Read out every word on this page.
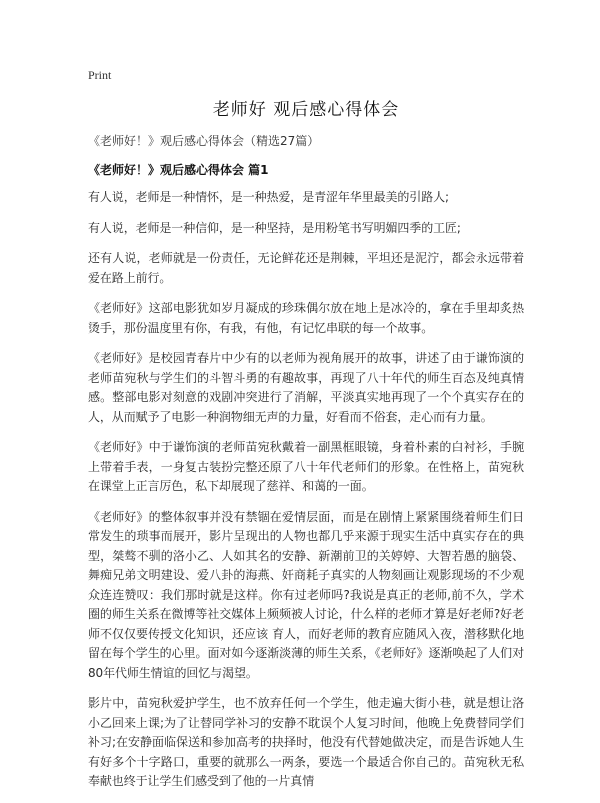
Print
老师好 观后感心得体会
《老师好！》观后感心得体会（精选27篇）
《老师好！》观后感心得体会 篇1

有人说，老师是一种情怀，是一种热爱，是青涩年华里最美的引路人;

有人说，老师是一种信仰，是一种坚持，是用粉笔书写明媚四季的工匠;

还有人说，老师就是一份责任，无论鲜花还是荆棘，平坦还是泥泞，都会永远带着爱在路上前行。

《老师好》这部电影犹如岁月凝成的珍珠偶尔放在地上是冰冷的，拿在手里却炙热烫手，那份温度里有你，有我，有他，有记忆串联的每一个故事。

《老师好》是校园青春片中少有的以老师为视角展开的故事，讲述了由于谦饰演的老师苗宛秋与学生们的斗智斗勇的有趣故事，再现了八十年代的师生百态及纯真情感。整部电影对刻意的戏剧冲突进行了消解，平淡真实地再现了一个个真实存在的人，从而赋予了电影一种润物细无声的力量，好看而不俗套，走心而有力量。

《老师好》中于谦饰演的老师苗宛秋戴着一副黑框眼镜，身着朴素的白衬衫，手腕上带着手表，一身复古装扮完整还原了八十年代老师们的形象。在性格上，苗宛秋在课堂上正言厉色，私下却展现了慈祥、和蔼的一面。

《老师好》的整体叙事并没有禁锢在爱情层面，而是在剧情上紧紧围绕着师生们日常发生的琐事而展开，影片呈现出的人物也都几乎来源于现实生活中真实存在的典型，桀骜不驯的洛小乙、人如其名的安静、新潮前卫的关婷婷、大智若愚的脑袋、舞痴兄弟文明建设、爱八卦的海燕、奸商耗子真实的人物刻画让观影现场的不少观众连连赞叹：我们那时就是这样。你有过老师吗?我说是真正的老师,前不久，学术圈的师生关系在微博等社交媒体上频频被人讨论，什么样的老师才算是好老师?好老师不仅仅要传授文化知识，还应该 育人，而好老师的教育应随风入夜，潜移默化地留在每个学生的心里。面对如今逐渐淡薄的师生关系，《老师好》逐渐唤起了人们对80年代师生情谊的回忆与渴望。

影片中，苗宛秋爱护学生，也不放弃任何一个学生，他走遍大街小巷，就是想让洛小乙回来上课;为了让替同学补习的安静不耽误个人复习时间，他晚上免费替同学们补习;在安静面临保送和参加高考的抉择时，他没有代替她做决定，而是告诉她人生有好多个十字路口，重要的就那么一两条，要选一个最适合你自己的。苗宛秋无私奉献也终于让学生们感受到了他的一片真情
